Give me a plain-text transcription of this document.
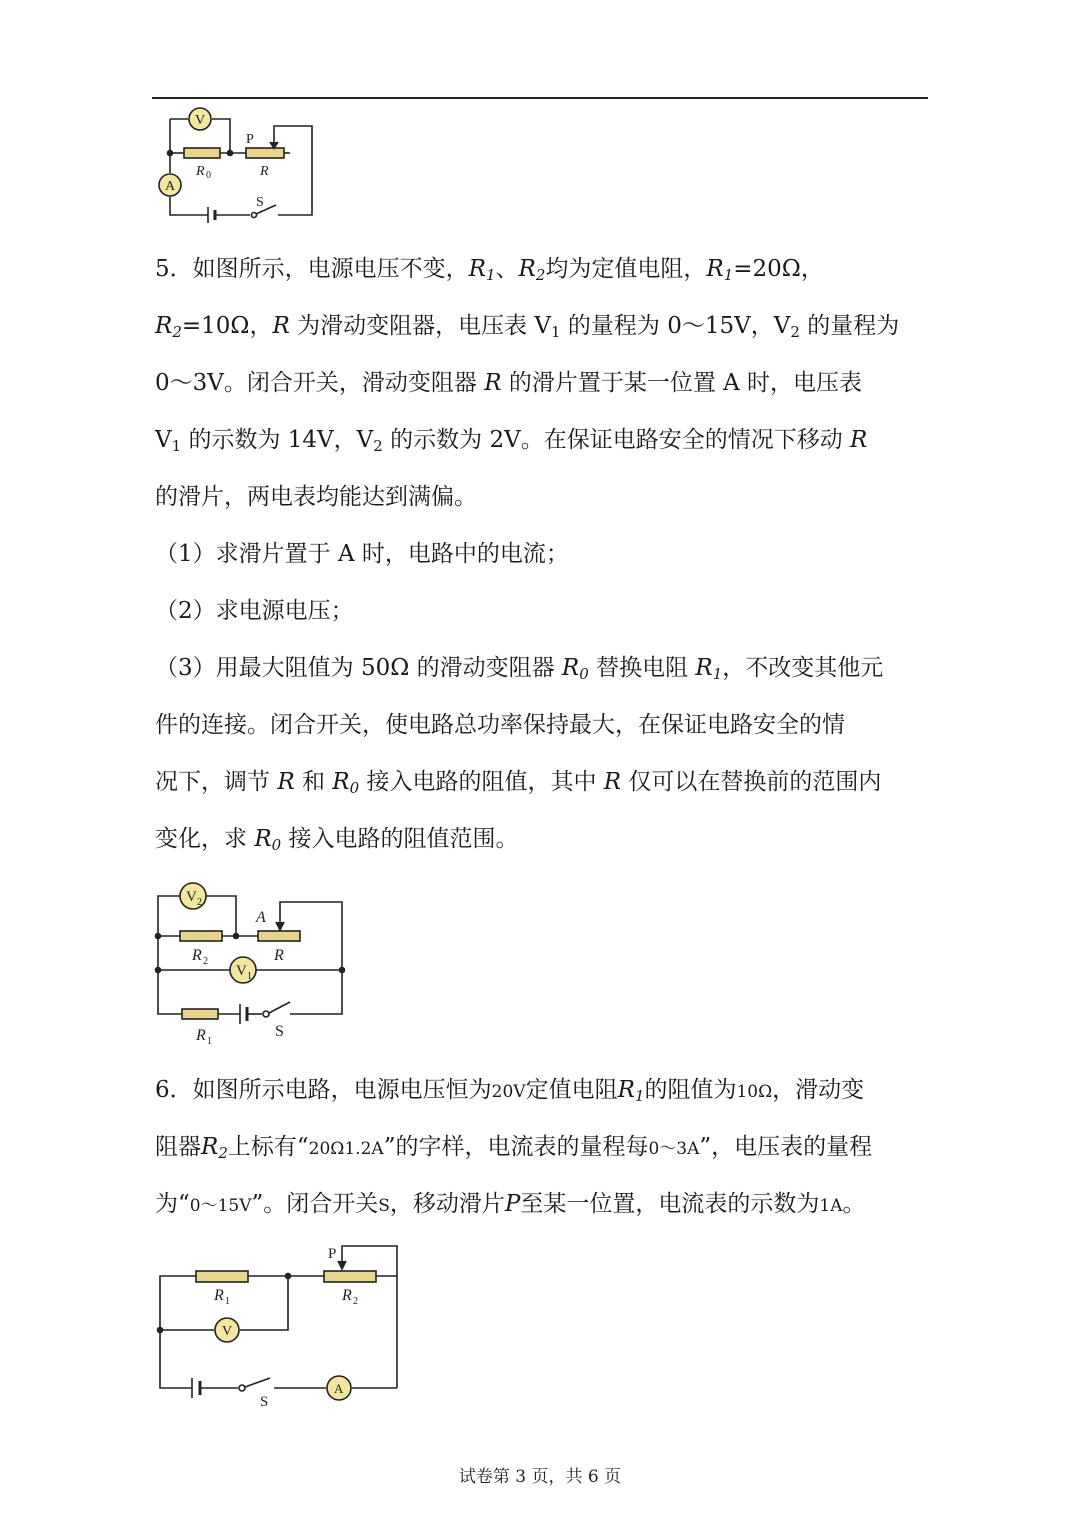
V
A
P
R 0	R
S
5．如图所示，电源电压不变，$R_1$、$R_2$均为定值电阻，$R_1=20\Omega$，
$R_2=10\Omega$，R 为滑动变阻器，电压表 $V_1$ 的量程为 0～15V，$V_2$ 的量程为
0～3V。闭合开关，滑动变阻器 R 的滑片置于某一位置 A 时，电压表
$V_1$ 的示数为 14V，$V_2$ 的示数为 2V。在保证电路安全的情况下移动 R
的滑片，两电表均能达到满偏。
（1）求滑片置于 A 时，电路中的电流；
（2）求电源电压；
（3）用最大阻值为 50Ω 的滑动变阻器 $R_0$ 替换电阻 $R_1$，不改变其他元
件的连接。闭合开关，使电路总功率保持最大，在保证电路安全的情
况下，调节 R 和 $R_0$ 接入电路的阻值，其中 R 仅可以在替换前的范围内
变化，求 $R_0$ 接入电路的阻值范围。
6．如图所示电路，电源电压恒为20V定值电阻$R_1$的阻值为10Ω，滑动变
阻器$R_2$上标有“20Ω1.2A”的字样，电流表的量程每0～3A”，电压表的量程
为“0～15V”。闭合开关S，移动滑片P至某一位置，电流表的示数为1A。
V 2
V 1
A
R 2	R
R 1
S
P
R 1	R 2
V
A
S
试卷第 3 页，共 6 页
